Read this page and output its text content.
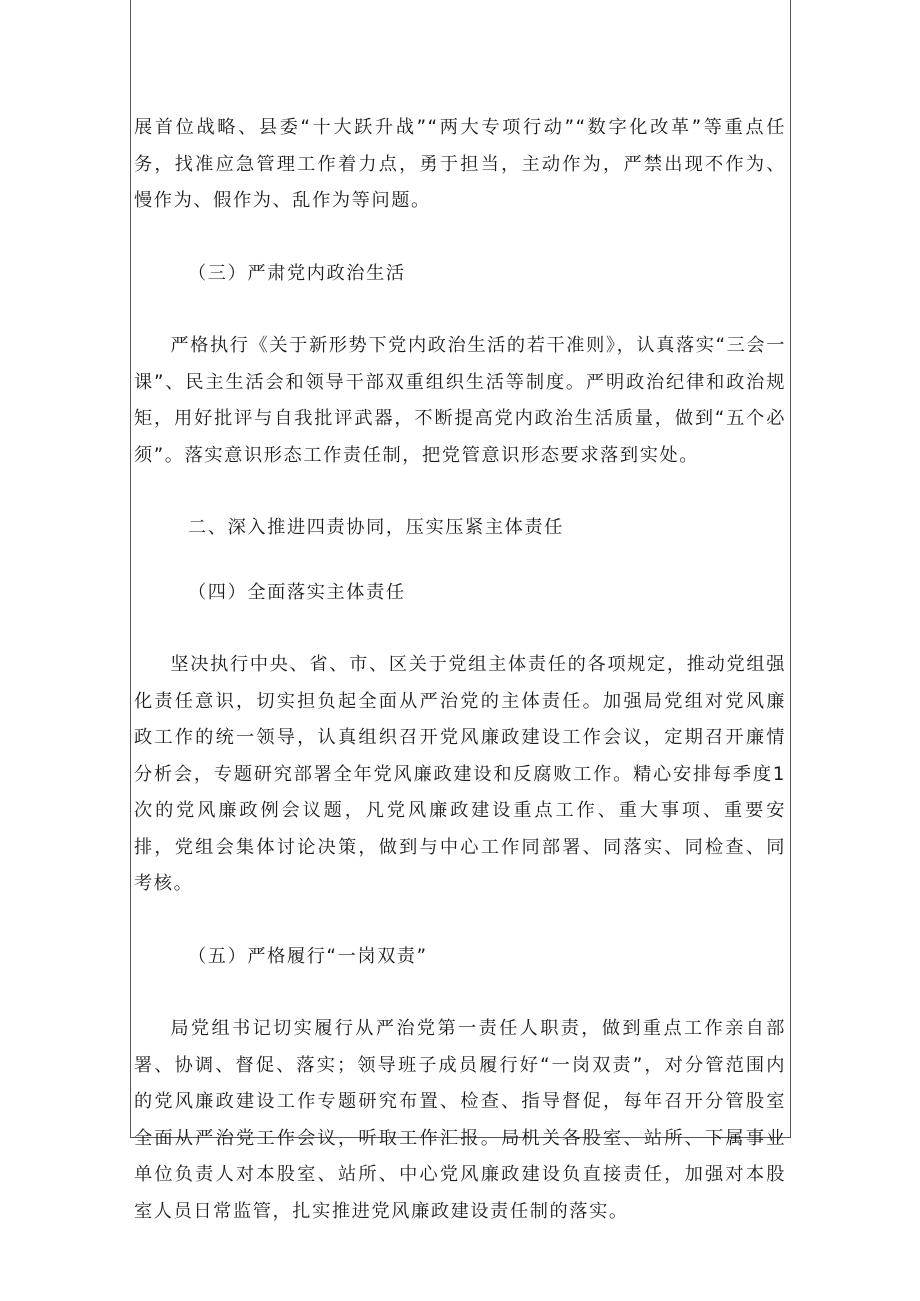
展首位战略、县委“十大跃升战”“两大专项行动”“数字化改革”等重点任务，找准应急管理工作着力点，勇于担当，主动作为，严禁出现不作为、慢作为、假作为、乱作为等问题。

（三）严肃党内政治生活

严格执行《关于新形势下党内政治生活的若干准则》，认真落实“三会一课”、民主生活会和领导干部双重组织生活等制度。严明政治纪律和政治规矩，用好批评与自我批评武器，不断提高党内政治生活质量，做到“五个必须”。落实意识形态工作责任制，把党管意识形态要求落到实处。

二、深入推进四责协同，压实压紧主体责任

（四）全面落实主体责任

坚决执行中央、省、市、区关于党组主体责任的各项规定，推动党组强化责任意识，切实担负起全面从严治党的主体责任。加强局党组对党风廉政工作的统一领导，认真组织召开党风廉政建设工作会议，定期召开廉情分析会，专题研究部署全年党风廉政建设和反腐败工作。精心安排每季度1次的党风廉政例会议题，凡党风廉政建设重点工作、重大事项、重要安排，党组会集体讨论决策，做到与中心工作同部署、同落实、同检查、同考核。

（五）严格履行“一岗双责”

局党组书记切实履行从严治党第一责任人职责，做到重点工作亲自部署、协调、督促、落实；领导班子成员履行好“一岗双责”，对分管范围内的党风廉政建设工作专题研究布置、检查、指导督促，每年召开分管股室全面从严治党工作会议，听取工作汇报。局机关各股室、站所、下属事业单位负责人对本股室、站所、中心党风廉政建设负直接责任，加强对本股室人员日常监管，扎实推进党风廉政建设责任制的落实。
